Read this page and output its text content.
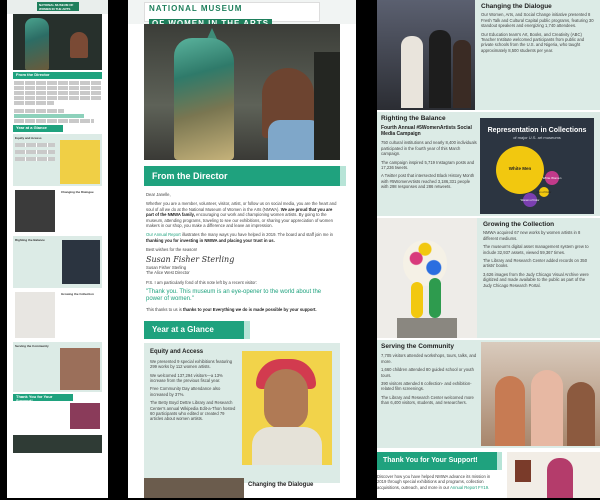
NATIONAL MUSEUM OF WOMEN IN THE ARTS
From the Director
Year at a Glance
Equity and Access
Changing the Dialogue
Righting the Balance
Growing the Collection
Serving the Community
Thank You for Your Support!
NATIONAL MUSEUM
From the Director

Dear Janelle,

Whether you are a member, volunteer, visitor, artist, or follow us on social media, you are the heart and soul of all we do at the National Museum of Women in the Arts (NMWA). We are proud that you are part of the NMWA family, encouraging our work and championing women artists. By going to the museum, attending programs, traveling to see our exhibitions, or sharing your appreciation of women makers in our shop, you make a difference and leave an impression.

Our Annual Report illustrates the many ways you have helped in 2019. The board and staff join me in thanking you for investing in NMWA and placing your trust in us.

Best wishes for the season!

Susan Fisher Sterling
Susan Fisher Sterling
The Alice West Director

P.S. I am particularly fond of this note left by a recent visitor:

"Thank you. This museum is an eye-opener to the world about the power of women."

This thanks to us is thanks to you! Everything we do is made possible by your support.

Year at a Glance
Equity and Access

We presented 9 special exhibitions featuring 299 works by 112 women artists.

We welcomed 137,294 visitors—a 13% increase from the previous fiscal year.

Free Community Day attendance also increased by 37%.

The Betty Boyd Dettre Library and Research Center's annual Wikipedia Edit-a-Thon hosted 60 participants who edited or created 79 articles about women artists.

Changing the Dialogue
Changing the Dialogue

Our Women, Arts, and Social Change initiative presented 8 Fresh Talk and Cultural Capital public programs, featuring 30 standout speakers and energizing 1,740 attendees.

Our Education team's Art, Books, and Creativity (ABC) Teacher Institute welcomed participants from public and private schools from the U.S. and Nigeria, who taught approximately 8,500 students per year.

Righting the Balance
Fourth Annual #5WomenArtists Social Media Campaign

750 cultural institutions and nearly 8,400 individuals participated in the fourth year of this March campaign.

The campaign inspired 5,719 Instagram posts and 17,236 tweets.

A Twitter post that intersected Black History Month with #5WomenArtists reached 3,186,331 people with 298 responses and 286 retweets.

Representation in Collections
of major U.S. art museums
White Men
White Women
Men of Color
Women of Color
Growing the Collection

NMWA acquired 67 new works by women artists in 8 different mediums.

The museum's digital asset management system grew to include 32,937 assets, viewed 59,367 times.

The Library and Research Center added records on 350 artists' books.

3,626 images from the Judy Chicago Visual Archive were digitized and made available to the public as part of the Judy Chicago Research Portal.

Serving the Community

7,705 visitors attended workshops, tours, talks, and more.

1,660 children attended 80 guided school or youth tours.

390 visitors attended 6 collection- and exhibition-related film screenings.

The Library and Research Center welcomed more than 6,400 visitors, students, and researchers.

Thank You for Your Support!
Discover how you have helped NMWA advance its mission in 2019 through special exhibitions and programs, collection acquisitions, outreach, and more in our Annual Report FY19.
